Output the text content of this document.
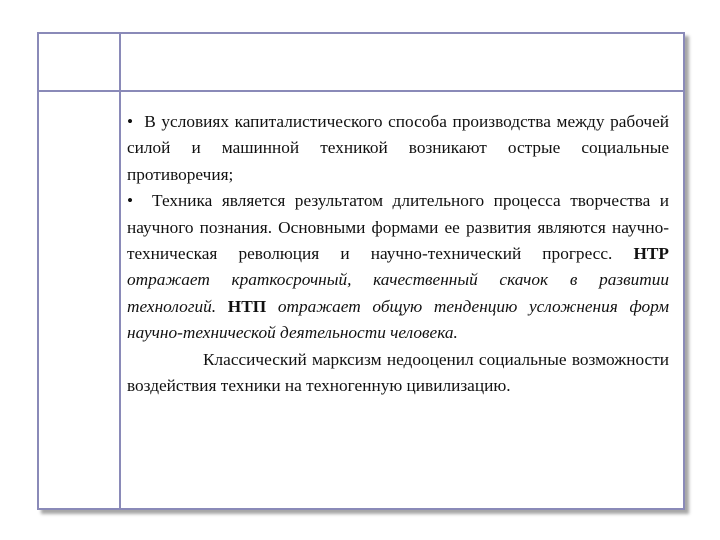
	• В условиях капиталистического способа производства между рабочей силой и машинной техникой возникают острые социальные противоречия;

• Техника является результатом длительного процесса творчества и научного познания. Основными формами ее развития являются научно-техническая революция и научно-технический прогресс. НТР отражает краткосрочный, качественный скачок в развитии технологий. НТП отражает общую тенденцию усложнения форм научно-технической деятельности человека.

Классический марксизм недооценил социальные возможности воздействия техники на техногенную цивилизацию.
